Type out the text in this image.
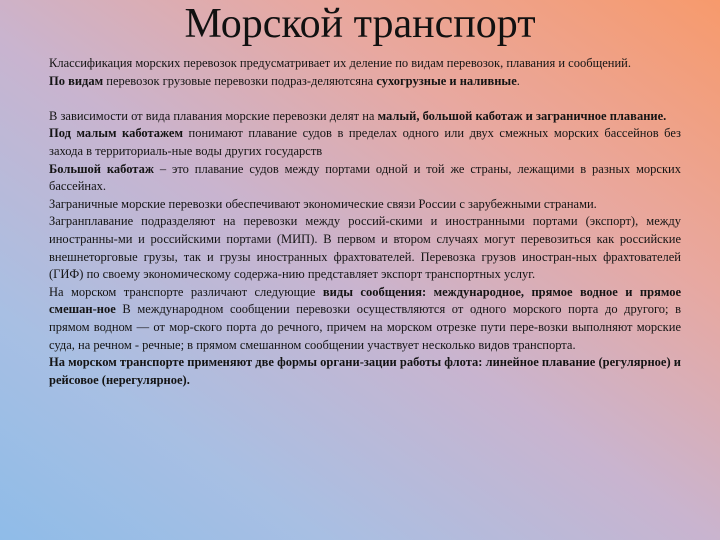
Морской транспорт

Классификация морских перевозок предусматривает их деление по видам перевозок, плавания и сообщений.

По видам перевозок грузовые перевозки подраз-деляютсяна сухогрузные и наливные.

В зависимости от вида плавания морские перевозки делят на малый, большой каботаж и заграничное плавание.

Под малым каботажем понимают плавание судов в пределах одного или двух смежных морских бассейнов без захода в территориаль-ные воды других государств

Большой каботаж – это плавание судов между портами одной и той же страны, лежащими в разных морских бассейнах.

Заграничные морские перевозки обеспечивают экономические связи России с зарубежными странами.

Загранплавание подразделяют на перевозки между россий-скими и иностранными портами (экспорт), между иностранны-ми и российскими портами (МИП). В первом и втором случаях могут перевозиться как российские внешнеторговые грузы, так и грузы иностранных фрахтователей. Перевозка грузов иностран-ных фрахтователей (ГИФ) по своему экономическому содержа-нию представляет экспорт транспортных услуг.

На морском транспорте различают следующие виды сообщения: международное, прямое водное и прямое смешан-ное В международном сообщении перевозки осуществляются от одного морского порта до другого; в прямом водном — от мор-ского порта до речного, причем на морском отрезке пути пере-возки выполняют морские суда, на речном - речные; в прямом смешанном сообщении участвует несколько видов транспорта.

На морском транспорте применяют две формы органи-зации работы флота: линейное плавание (регулярное) и рейсовое (нерегулярное).
